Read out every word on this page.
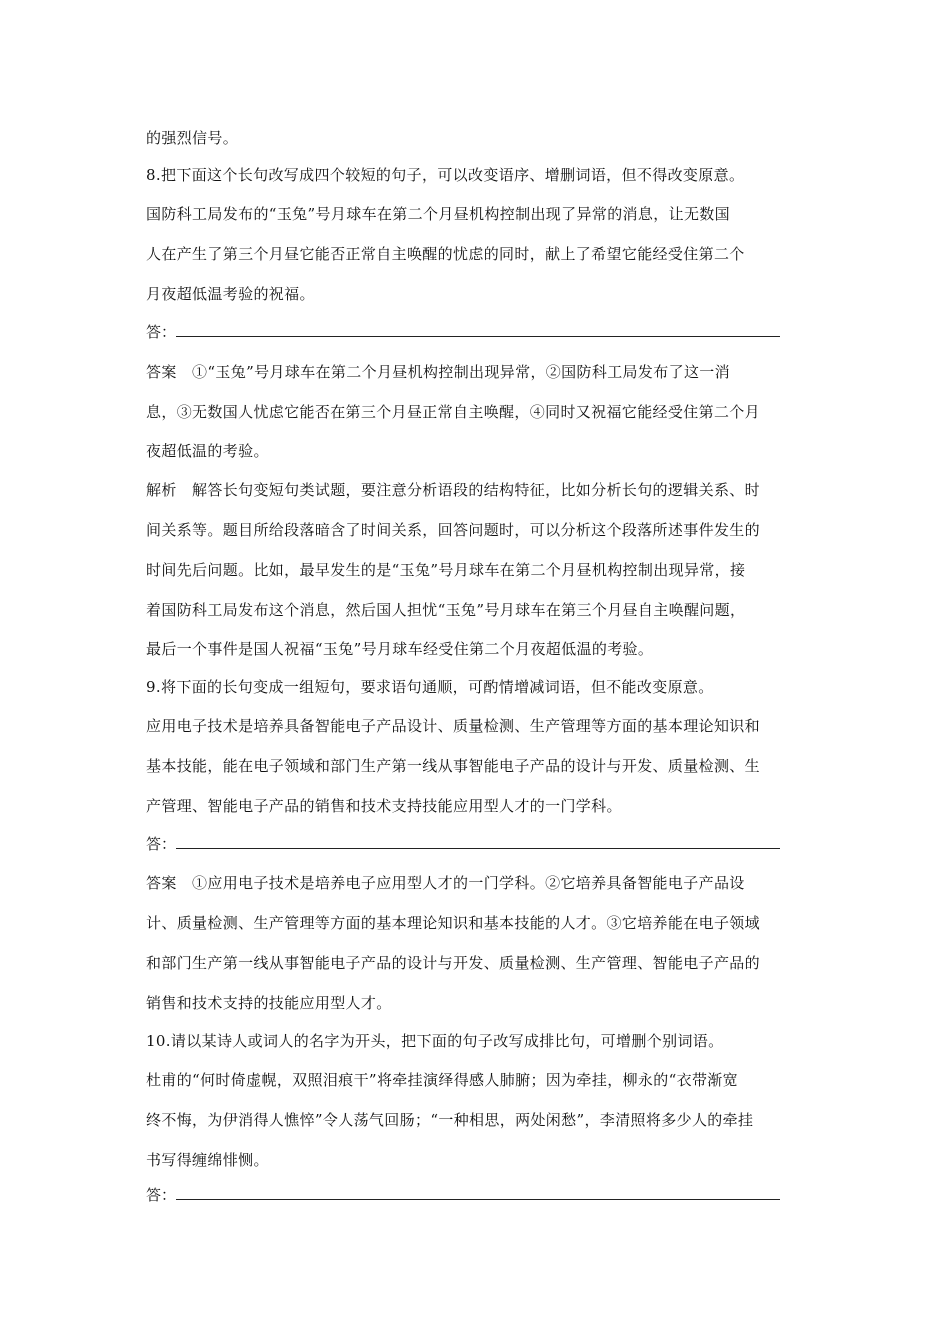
的强烈信号。
8.把下面这个长句改写成四个较短的句子，可以改变语序、增删词语，但不得改变原意。
国防科工局发布的“玉兔”号月球车在第二个月昼机构控制出现了异常的消息，让无数国
人在产生了第三个月昼它能否正常自主唤醒的忧虑的同时，献上了希望它能经受住第二个
月夜超低温考验的祝福。
答：
答案　①“玉兔”号月球车在第二个月昼机构控制出现异常，②国防科工局发布了这一消
息，③无数国人忧虑它能否在第三个月昼正常自主唤醒，④同时又祝福它能经受住第二个月
夜超低温的考验。
解析　解答长句变短句类试题，要注意分析语段的结构特征，比如分析长句的逻辑关系、时
间关系等。题目所给段落暗含了时间关系，回答问题时，可以分析这个段落所述事件发生的
时间先后问题。比如，最早发生的是“玉兔”号月球车在第二个月昼机构控制出现异常，接
着国防科工局发布这个消息，然后国人担忧“玉兔”号月球车在第三个月昼自主唤醒问题，
最后一个事件是国人祝福“玉兔”号月球车经受住第二个月夜超低温的考验。
9.将下面的长句变成一组短句，要求语句通顺，可酌情增减词语，但不能改变原意。
应用电子技术是培养具备智能电子产品设计、质量检测、生产管理等方面的基本理论知识和
基本技能，能在电子领域和部门生产第一线从事智能电子产品的设计与开发、质量检测、生
产管理、智能电子产品的销售和技术支持技能应用型人才的一门学科。
答：
答案　①应用电子技术是培养电子应用型人才的一门学科。②它培养具备智能电子产品设
计、质量检测、生产管理等方面的基本理论知识和基本技能的人才。③它培养能在电子领域
和部门生产第一线从事智能电子产品的设计与开发、质量检测、生产管理、智能电子产品的
销售和技术支持的技能应用型人才。
10.请以某诗人或词人的名字为开头，把下面的句子改写成排比句，可增删个别词语。
杜甫的“何时倚虚幌，双照泪痕干”将牵挂演绎得感人肺腑；因为牵挂，柳永的“衣带渐宽
终不悔，为伊消得人憔悴”令人荡气回肠；“一种相思，两处闲愁”，李清照将多少人的牵挂
书写得缠绵悱恻。
答：
